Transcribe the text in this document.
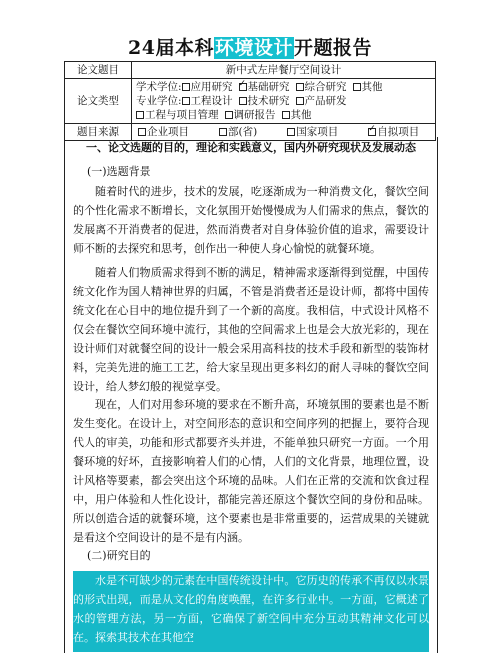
24届本科环境设计开题报告
论文题目	新中式左岸餐厅空间设计
论文类型	学术学位: 应用研究 ✓ 基础研究 综合研究 其他
专业学位: 工程设计 技术研究 产品研发
工程与项目管理 调研报告 其他

题目来源	企业项目 部(省) 国家项目 ✓ 自拟项目
一、论文选题的目的，理论和实践意义，国内外研究现状及发展动态
(一)选题背景

随着时代的进步，技术的发展，吃逐渐成为一种消费文化，餐饮空间的个性化需求不断增长，文化氛围开始慢慢成为人们需求的焦点，餐饮的发展离不开消费者的促进，然而消费者对自身体验价值的追求，需要设计师不断的去探究和思考，创作出一种使人身心愉悦的就餐环境。

随着人们物质需求得到不断的满足，精神需求逐渐得到觉醒，中国传统文化作为国人精神世界的归属，不管是消费者还是设计师，都将中国传统文化在心目中的地位提升到了一个新的高度。我相信，中式设计风格不仅会在餐饮空间环境中流行，其他的空间需求上也是会大放光彩的，现在设计师们对就餐空间的设计一般会采用高科技的技术手段和新型的装饰材料，完美先进的施工工艺，给大家呈现出更多料幻的耐人寻味的餐饮空间设计，给人梦幻般的视觉享受。

现在，人们对用参环境的要求在不断升高，环境氛围的要素也是不断发生变化。在设计上，对空间形态的意识和空间序列的把握上，要符合现代人的审美，功能和形式都要齐头并进，不能单独只研究一方面。一个用餐环境的好坏，直接影响着人们的心情，人们的文化背景，地理位置，设计风格等要素，都会突出这个环境的品味。人们在正常的交流和饮食过程中，用户体验和人性化设计，都能完善还原这个餐饮空间的身份和品味。所以创造合适的就餐环境，这个要素也是非常重要的，运营成果的关键就是看这个空间设计的是不是有内涵。

(二)研究目的

水是不可缺少的元素在中国传统设计中。它历史的传承不再仅以水景的形式出现，而是从文化的角度唤醒，在许多行业中。一方面，它概述了水的管理方法，另一方面，它确保了新空间中充分互动其精神文化可以在。探索其技术在其他空
